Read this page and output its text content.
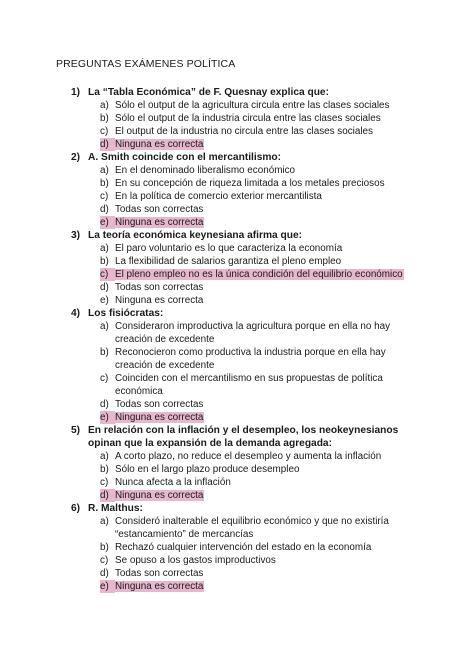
PREGUNTAS EXÁMENES POLÍTICA
1) La “Tabla Económica” de F. Quesnay explica que:
a) Sólo el output de la agricultura circula entre las clases sociales
b) Sólo el output de la industria circula entre las clases sociales
c) El output de la industria no circula entre las clases sociales
d) Ninguna es correcta
2) A. Smith coincide con el mercantilismo:
a) En el denominado liberalismo económico
b) En su concepción de riqueza limitada a los metales preciosos
c) En la política de comercio exterior mercantilista
d) Todas son correctas
e) Ninguna es correcta
3) La teoría económica keynesiana afirma que:
a) El paro voluntario es lo que caracteriza la economía
b) La flexibilidad de salarios garantiza el pleno empleo
c) El pleno empleo no es la única condición del equilibrio económico
d) Todas son correctas
e) Ninguna es correcta
4) Los fisiócratas:
a) Consideraron improductiva la agricultura porque en ella no hay creación de excedente
b) Reconocieron como productiva la industria porque en ella hay creación de excedente
c) Coinciden con el mercantilismo en sus propuestas de política económica
d) Todas son correctas
e) Ninguna es correcta
5) En relación con la inflación y el desempleo, los neokeynesianos opinan que la expansión de la demanda agregada:
a) A corto plazo, no reduce el desempleo y aumenta la inflación
b) Sólo en el largo plazo produce desempleo
c) Nunca afecta a la inflación
d) Ninguna es correcta
6) R. Malthus:
a) Consideró inalterable el equilibrio económico y que no existiría “estancamiento” de mercancías
b) Rechazó cualquier intervención del estado en la economía
c) Se opuso a los gastos improductivos
d) Todas son correctas
e) Ninguna es correcta
